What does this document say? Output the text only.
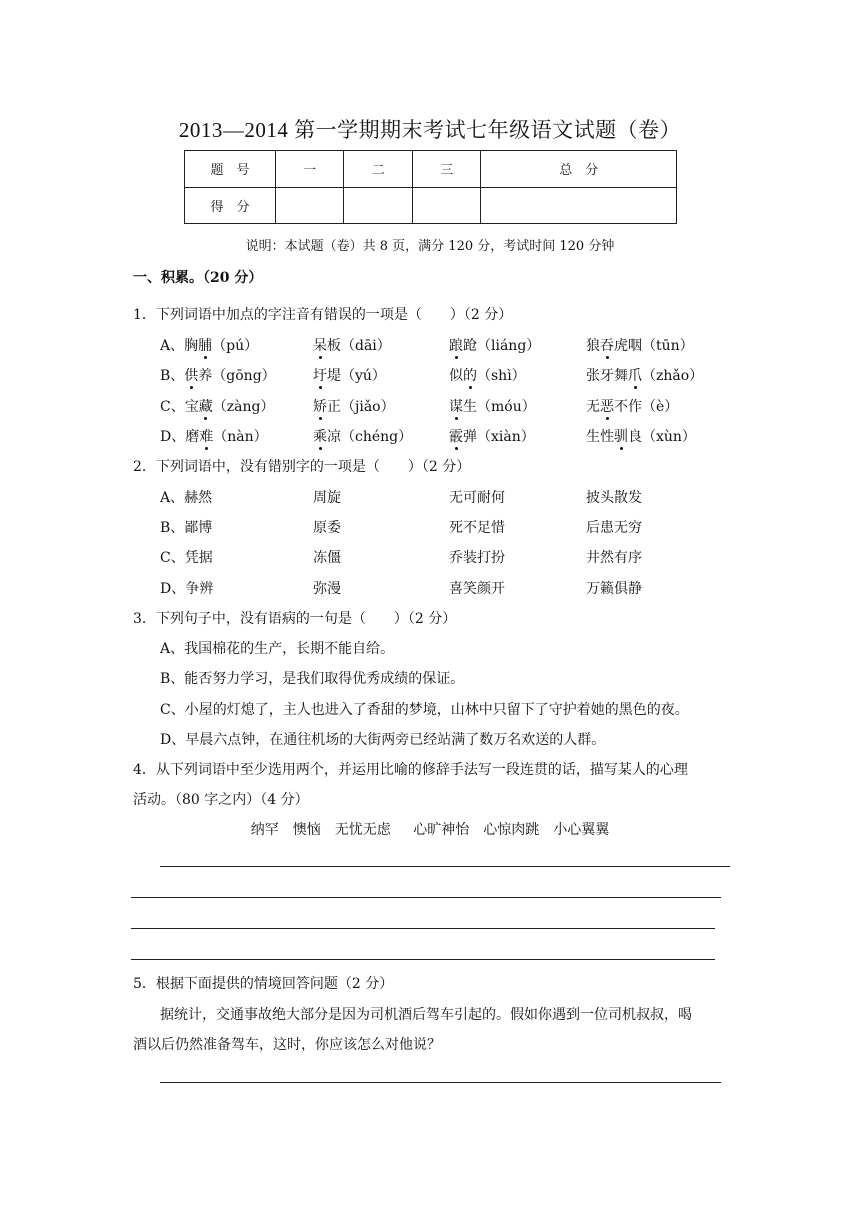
2013—2014 第一学期期末考试七年级语文试题（卷）
题　号	一	二	三	总　分
得　分				
说明：本试题（卷）共 8 页，满分 120 分，考试时间 120 分钟
一、积累。（20 分）
1．下列词语中加点的字注音有错误的一项是（　　）（2 分）
A、胸脯（pú）	呆板（dāi）	踉跄（liáng）	狼吞虎咽（tūn）
B、供养（gōng）	圩堤（yú）	似的（shì）	张牙舞爪（zhǎo）
C、宝藏（zàng）	矫正（jiǎo）	谋生（móu）	无恶不作（è）
D、磨难（nàn）	乘凉（chéng）	霰弹（xiàn）	生性驯良（xùn）
2．下列词语中，没有错别字的一项是（　　）（2 分）
A、赫然	周旋	无可耐何	披头散发
B、鄙博	原委	死不足惜	后患无穷
C、凭据	冻僵	乔装打扮	井然有序
D、争辨	弥漫	喜笑颜开	万籁俱静
3．下列句子中，没有语病的一句是（　　）（2 分）
A、我国棉花的生产，长期不能自给。
B、能否努力学习，是我们取得优秀成绩的保证。
C、小屋的灯熄了，主人也进入了香甜的梦境，山林中只留下了守护着她的黑色的夜。
D、早晨六点钟，在通往机场的大街两旁已经站满了数万名欢送的人群。
4．从下列词语中至少选用两个，并运用比喻的修辞手法写一段连贯的话，描写某人的心理
活动。（80 字之内）（4 分）
纳罕　懊恼　无忧无虑　 心旷神怡　心惊肉跳　小心翼翼
5．根据下面提供的情境回答问题（2 分）
据统计，交通事故绝大部分是因为司机酒后驾车引起的。假如你遇到一位司机叔叔，喝
酒以后仍然准备驾车，这时，你应该怎么对他说？
